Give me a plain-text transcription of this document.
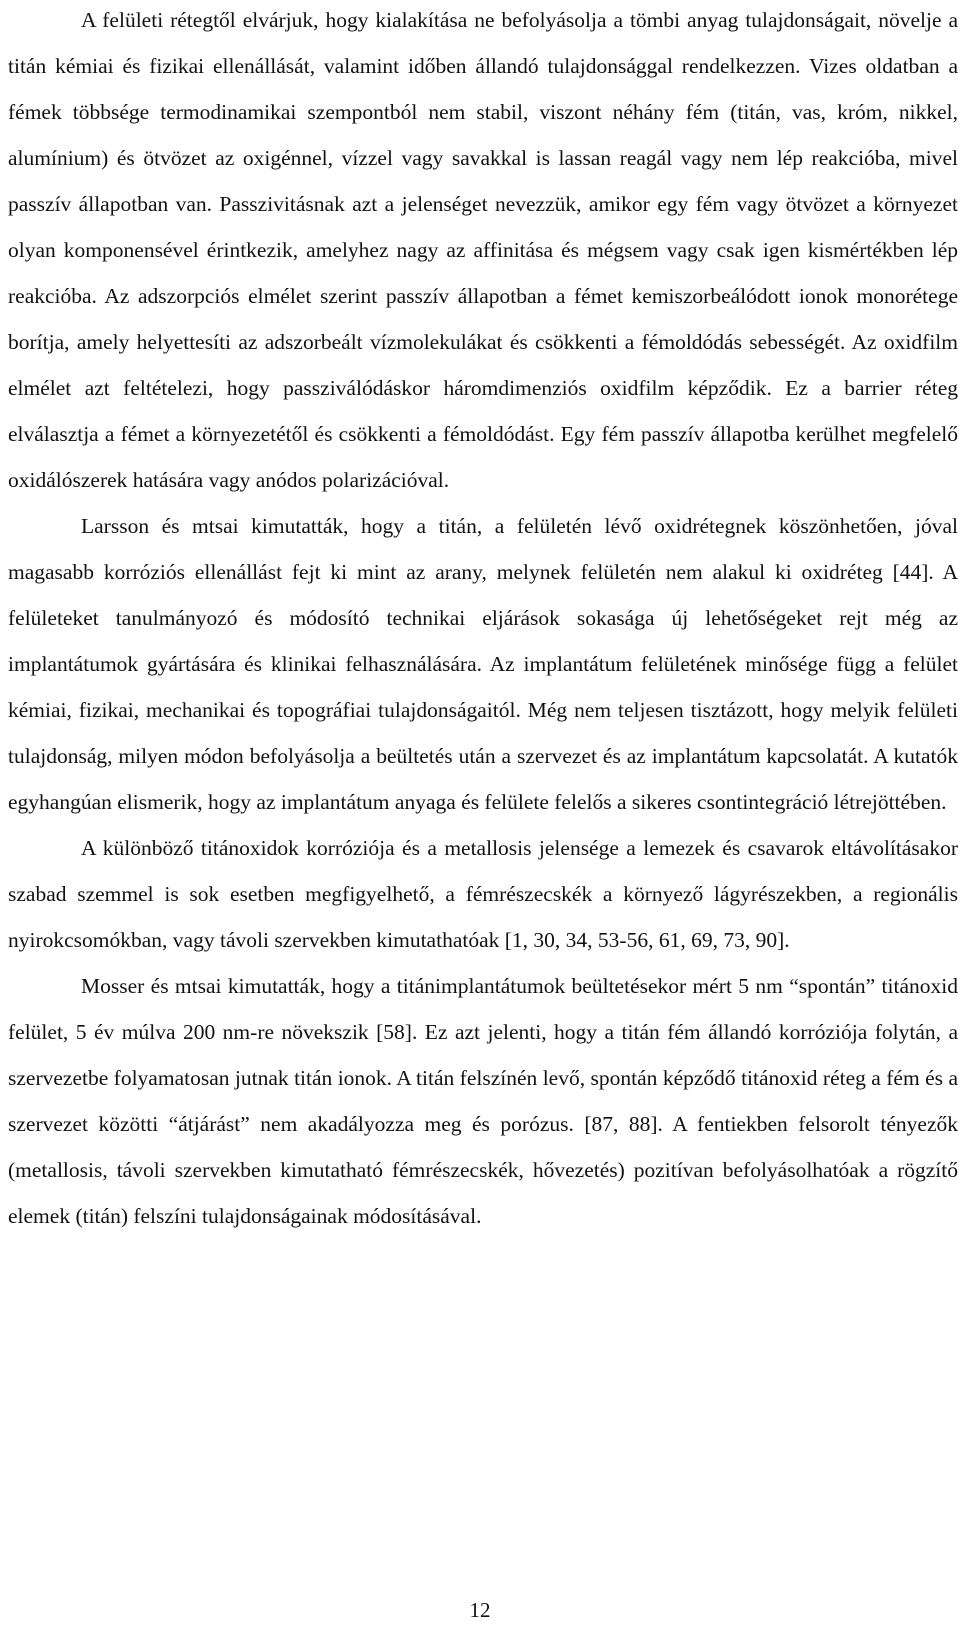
A felületi rétegtől elvárjuk, hogy kialakítása ne befolyásolja a tömbi anyag tulajdonságait, növelje a titán kémiai és fizikai ellenállását, valamint időben állandó tulajdonsággal rendelkezzen. Vizes oldatban a fémek többsége termodinamikai szempontból nem stabil, viszont néhány fém (titán, vas, króm, nikkel, alumínium) és ötvözet az oxigénnel, vízzel vagy savakkal is lassan reagál vagy nem lép reakcióba, mivel passzív állapotban van. Passzivitásnak azt a jelenséget nevezzük, amikor egy fém vagy ötvözet a környezet olyan komponensével érintkezik, amelyhez nagy az affinitása és mégsem vagy csak igen kismértékben lép reakcióba. Az adszorpciós elmélet szerint passzív állapotban a fémet kemiszorbeálódott ionok monorétege borítja, amely helyettesíti az adszorbeált vízmolekulákat és csökkenti a fémoldódás sebességét. Az oxidfilm elmélet azt feltételezi, hogy passziválódáskor háromdimenziós oxidfilm képződik. Ez a barrier réteg elválasztja a fémet a környezetétől és csökkenti a fémoldódást. Egy fém passzív állapotba kerülhet megfelelő oxidálószerek hatására vagy anódos polarizációval.

Larsson és mtsai kimutatták, hogy a titán, a felületén lévő oxidrétegnek köszönhetően, jóval magasabb korróziós ellenállást fejt ki mint az arany, melynek felületén nem alakul ki oxidréteg [44]. A felületeket tanulmányozó és módosító technikai eljárások sokasága új lehetőségeket rejt még az implantátumok gyártására és klinikai felhasználására. Az implantátum felületének minősége függ a felület kémiai, fizikai, mechanikai és topográfiai tulajdonságaitól. Még nem teljesen tisztázott, hogy melyik felületi tulajdonság, milyen módon befolyásolja a beültetés után a szervezet és az implantátum kapcsolatát. A kutatók egyhangúan elismerik, hogy az implantátum anyaga és felülete felelős a sikeres csontintegráció létrejöttében.

A különböző titánoxidok korróziója és a metallosis jelensége a lemezek és csavarok eltávolításakor szabad szemmel is sok esetben megfigyelhető, a fémrészecskék a környező lágyrészekben, a regionális nyirokcsomókban, vagy távoli szervekben kimutathatóak [1, 30, 34, 53-56, 61, 69, 73, 90].

Mosser és mtsai kimutatták, hogy a titánimplantátumok beültetésekor mért 5 nm “spontán” titánoxid felület, 5 év múlva 200 nm-re növekszik [58]. Ez azt jelenti, hogy a titán fém állandó korróziója folytán, a szervezetbe folyamatosan jutnak titán ionok. A titán felszínén levő, spontán képződő titánoxid réteg a fém és a szervezet közötti “átjárást” nem akadályozza meg és porózus. [87, 88]. A fentiekben felsorolt tényezők (metallosis, távoli szervekben kimutatható fémrészecskék, hővezetés) pozitívan befolyásolhatóak a rögzítő elemek (titán) felszíni tulajdonságainak módosításával.

12
